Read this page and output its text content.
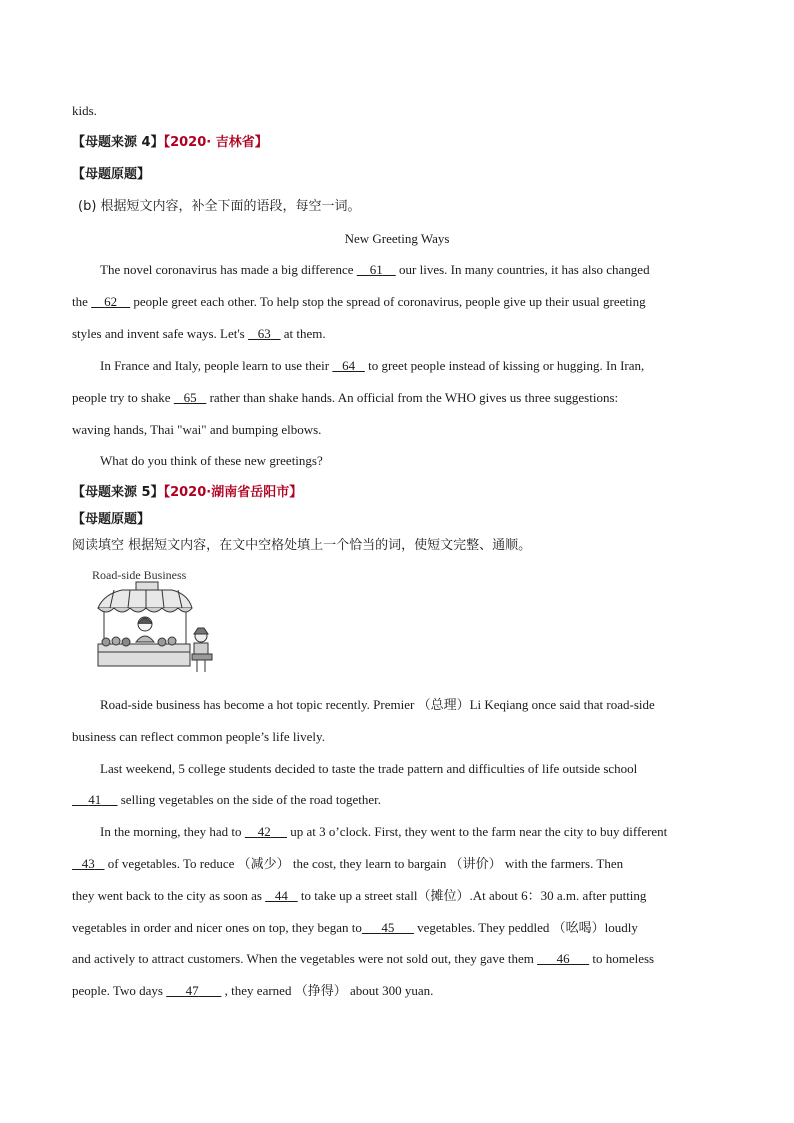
kids.
【母题来源 4】【2020· 吉林省】
【母题原题】
(b) 根据短文内容，补全下面的语段，每空一词。
New Greeting Ways
The novel coronavirus has made a big difference 61 our lives. In many countries, it has also changed
the 62 people greet each other. To help stop the spread of coronavirus, people give up their usual greeting
styles and invent safe ways. Let's 63 at them.
In France and Italy, people learn to use their 64 to greet people instead of kissing or hugging. In Iran,
people try to shake 65 rather than shake hands. An official from the WHO gives us three suggestions:
waving hands, Thai "wai" and bumping elbows.
What do you think of these new greetings?
【母题来源 5】【2020·湖南省岳阳市】
【母题原题】
阅读填空 根据短文内容，在文中空格处填上一个恰当的词，使短文完整、通顺。
Road-side Business
Road-side business has become a hot topic recently. Premier （总理）Li Keqiang once said that road-side
business can reflect common people’s life lively.
Last weekend, 5 college students decided to taste the trade pattern and difficulties of life outside school
41 selling vegetables on the side of the road together.
In the morning, they had to 42 up at 3 o’clock. First, they went to the farm near the city to buy different
43 of vegetables. To reduce （减少） the cost, they learn to bargain （讲价） with the farmers. Then
they went back to the city as soon as 44 to take up a street stall（摊位）.At about 6：30 a.m. after putting
vegetables in order and nicer ones on top, they began to 45 vegetables. They peddled （吆喝）loudly
and actively to attract customers. When the vegetables were not sold out, they gave them 46 to homeless
people. Two days 47 , they earned （挣得） about 300 yuan.
